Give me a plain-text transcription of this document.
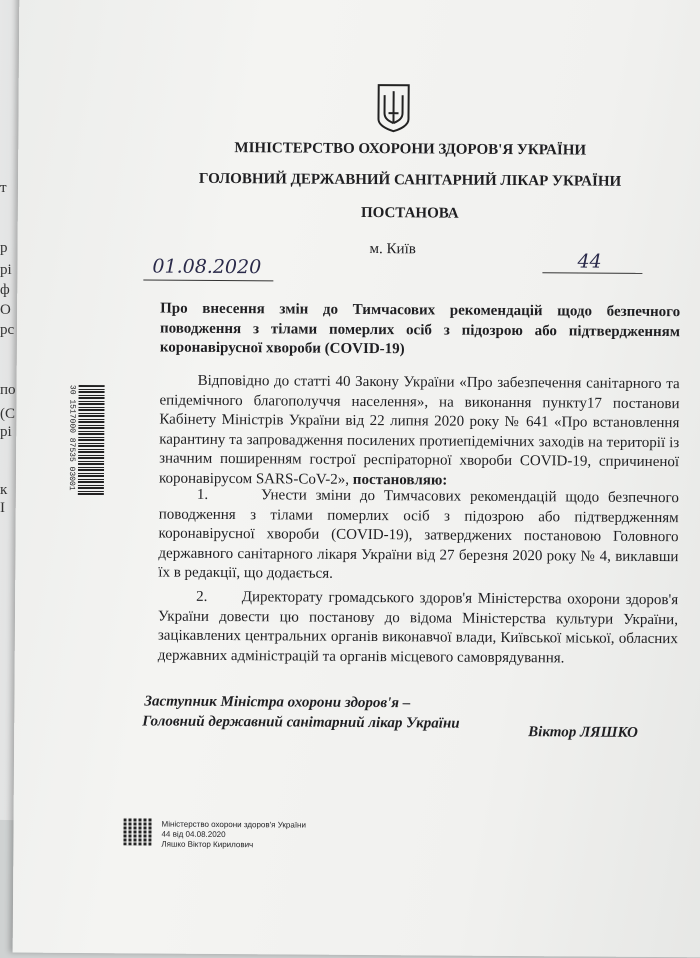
т
р
рі
ф
О
рс
по
(С
рі
к
І
МІНІСТЕРСТВО ОХОРОНИ ЗДОРОВ'Я УКРАЇНИ
ГОЛОВНИЙ ДЕРЖАВНИЙ САНІТАРНИЙ ЛІКАР УКРАЇНИ
ПОСТАНОВА
м. Київ
01.08.2020	44
Про внесення змін до Тимчасових рекомендацій щодо безпечного поводження з тілами померлих осіб з підозрою або підтвердженням коронавірусної хвороби (COVID-19)
Відповідно до статті 40 Закону України «Про забезпечення санітарного та епідемічного благополуччя населення», на виконання пункту17 постанови Кабінету Міністрів України від 22 липня 2020 року № 641 «Про встановлення карантину та запровадження посилених протиепідемічних заходів на території із значним поширенням гострої респіраторної хвороби COVID-19, спричиненої коронавірусом SARS-CoV-2», постановляю:
1.	Унести зміни до Тимчасових рекомендацій щодо безпечного поводження з тілами померлих осіб з підозрою або підтвердженням коронавірусної хвороби (COVID-19), затверджених постановою Головного державного санітарного лікаря України від 27 березня 2020 року № 4, виклавши їх в редакції, що додається.
2. Директорату громадського здоров'я Міністерства охорони здоров'я України довести цю постанову до відома Міністерства культури України, зацікавлених центральних органів виконавчої влади, Київської міської, обласних державних адміністрацій та органів місцевого самоврядування.
Заступник Міністра охорони здоров'я –
Головний державний санітарний лікар України
Віктор ЛЯШКО
30 1517000 87535 03001
Міністерство охорони здоров'я України
44 від 04.08.2020
Ляшко Віктор Кирилович
